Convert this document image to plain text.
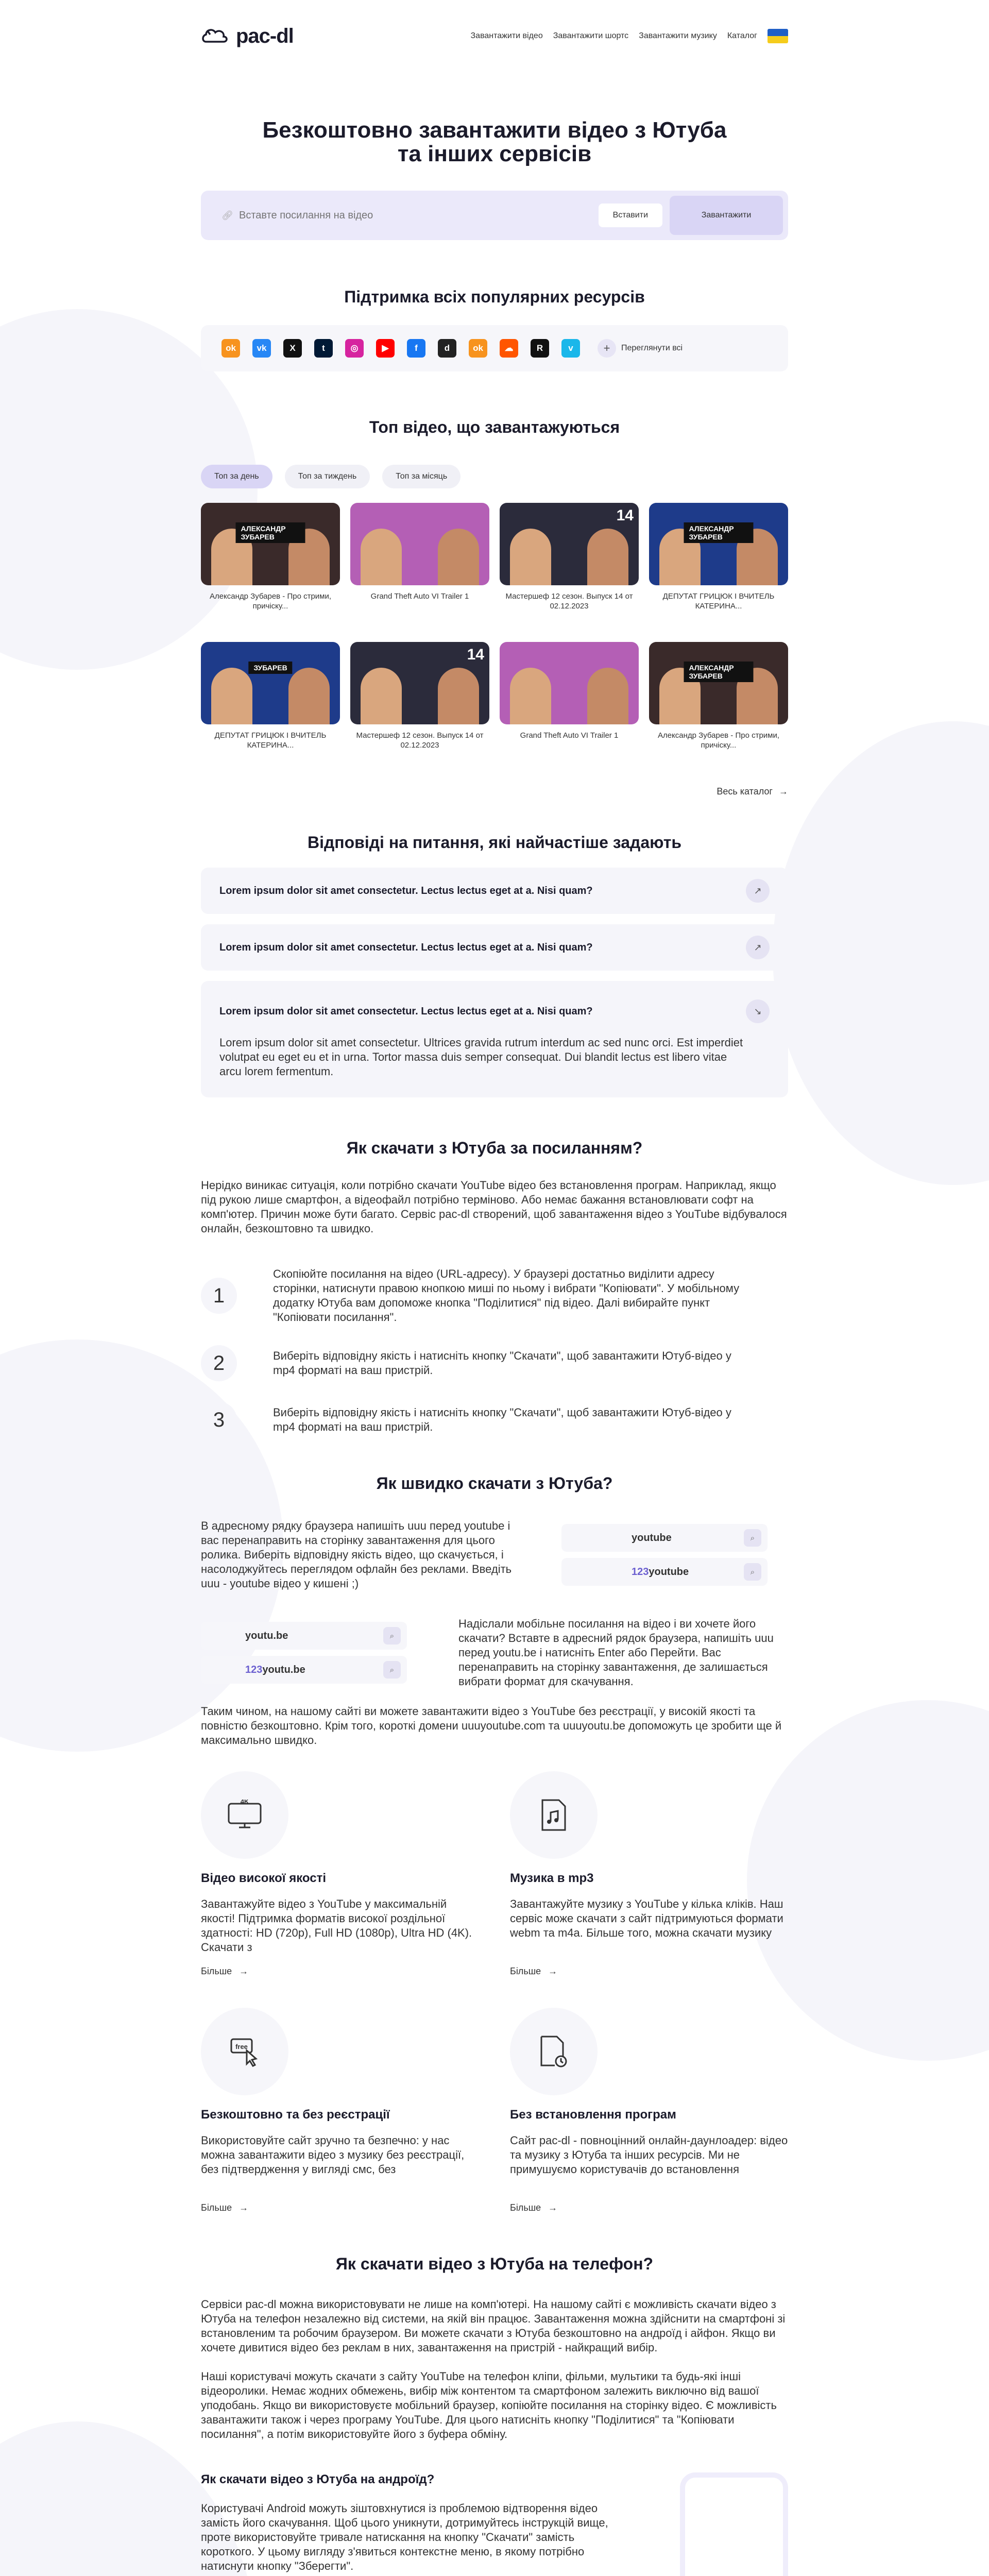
pac-dl	Завантажити відео Завантажити шортс Завантажити музику Каталог
Безкоштовно завантажити відео з Ютуба
та інших сервісів
🔗︎
Вставте посилання на відео	Вставити	Завантажити
Підтримка всіх популярних ресурсів
ok	vk	X	t	◎	▶	f	d	ok	☁	R	v	+	Переглянути всі
Топ відео, що завантажуються
Топ за день	Топ за тиждень	Топ за місяць
АЛЕКСАНДР ЗУБАРЕВ
Александр Зубарев - Про стрими, причіску...
Grand Theft Auto VI Trailer 1
14
Мастершеф 12 сезон. Выпуск 14 от 02.12.2023
АЛЕКСАНДР ЗУБАРЕВ
ДЕПУТАТ ГРИЦЮК І ВЧИТЕЛЬ КАТЕРИНА...
ЗУБАРЕВ
ДЕПУТАТ ГРИЦЮК І ВЧИТЕЛЬ КАТЕРИНА...
14
Мастершеф 12 сезон. Выпуск 14 от 02.12.2023
Grand Theft Auto VI Trailer 1
АЛЕКСАНДР ЗУБАРЕВ
Александр Зубарев - Про стрими, причіску...
Весь каталог →
Відповіді на питання, які найчастіше задають
Lorem ipsum dolor sit amet consectetur. Lectus lectus eget at a. Nisi quam?	↗
Lorem ipsum dolor sit amet consectetur. Lectus lectus eget at a. Nisi quam?	↗
Lorem ipsum dolor sit amet consectetur. Lectus lectus eget at a. Nisi quam?	↘
Lorem ipsum dolor sit amet consectetur. Ultrices gravida rutrum interdum ac sed nunc orci. Est imperdiet volutpat eu eget eu et in urna. Tortor massa duis semper consequat. Dui blandit lectus est libero vitae arcu lorem fermentum.
Як скачати з Ютуба за посиланням?
Нерідко виникає ситуація, коли потрібно скачати YouTube відео без встановлення програм. Наприклад, якщо під рукою лише смартфон, а відеофайл потрібно терміново. Або немає бажання встановлювати софт на комп'ютер. Причин може бути багато. Сервіс pac-dl створений, щоб завантаження відео з YouTube відбувалося онлайн, безкоштовно та швидко.
1
Скопіюйте посилання на відео (URL-адресу). У браузері достатньо виділити адресу сторінки, натиснути правою кнопкою миші по ньому і вибрати "Копіювати". У мобільному додатку Ютуба вам допоможе кнопка "Поділитися" під відео. Далі вибирайте пункт "Копіювати посилання".
2	Виберіть відповідну якість і натисніть кнопку "Скачати", щоб завантажити Ютуб-відео у mp4 форматі на ваш пристрій.
3	Виберіть відповідну якість і натисніть кнопку "Скачати", щоб завантажити Ютуб-відео у mp4 форматі на ваш пристрій.
Як швидко скачати з Ютуба?
В адресному рядку браузера напишіть uuu перед youtube і вас перенаправить на сторінку завантаження для цього ролика. Виберіть відповідну якість відео, що скачується, і насолоджуйтесь переглядом офлайн без реклами. Введіть uuu - youtube відео у кишені ;)
youtube	⌕
123youtube	⌕
youtu.be	⌕
123youtu.be	⌕
Надіслали мобільне посилання на відео і ви хочете його скачати? Вставте в адресний рядок браузера, напишіть uuu перед youtu.be і натисніть Enter або Перейти. Вас перенаправить на сторінку завантаження, де залишається вибрати формат для скачування.
Таким чином, на нашому сайті ви можете завантажити відео з YouTube без реєстрації, у високій якості та повністю безкоштовно. Крім того, короткі домени uuuyoutube.com та uuuyoutu.be допоможуть це зробити ще й максимально швидко.
4K
Відео високої якості
Завантажуйте відео з YouTube у максимальній якості! Підтримка форматів високої роздільної здатності: HD (720p), Full HD (1080p), Ultra HD (4K). Скачати з
Більше →
Музика в mp3
Завантажуйте музику з YouTube у кілька кліків. Наш сервіс може скачати з сайт підтримуються формати webm та m4a. Більше того, можна скачати музику
Більше →
free
Безкоштовно та без реєстрації
Використовуйте сайт зручно та безпечно: у нас можна завантажити відео з музику без реєстрації, без підтвердження у вигляді смс, без
Більше →
Без встановлення програм
Сайт pac-dl - повноцінний онлайн-даунлоадер: відео та музику з Ютуба та інших ресурсів. Ми не примушуємо користувачів до встановлення
Більше →
Як скачати відео з Ютуба на телефон?
Сервіси pac-dl можна використовувати не лише на комп'ютері. На нашому сайті є можливість скачати відео з Ютуба на телефон незалежно від системи, на якій він працює. Завантаження можна здійснити на смартфоні зі встановленим та робочим браузером. Ви можете скачати з Ютуба безкоштовно на андроїд і айфон. Якщо ви хочете дивитися відео без реклам в них, завантаження на пристрій - найкращий вибір.
Наші користувачі можуть скачати з сайту YouTube на телефон кліпи, фільми, мультики та будь-які інші відеоролики. Немає жодних обмежень, вибір між контентом та смартфоном залежить виключно від вашої уподобань. Якщо ви використовуєте мобільний браузер, копіюйте посилання на сторінку відео. Є можливість завантажити також і через програму YouTube. Для цього натисніть кнопку "Поділитися" та "Копіювати посилання", а потім використовуйте його з буфера обміну.
Як скачати відео з Ютуба на андроїд?
Користувачі Android можуть зіштовхнутися із проблемою відтворення відео замість його скачування. Щоб цього уникнути, дотримуйтесь інструкцій вище, проте використовуйте тривале натискання на кнопку "Скачати" замість короткого. У цьому вигляду з'явиться контекстне меню, в якому потрібно натиснути кнопку "Зберегти".
